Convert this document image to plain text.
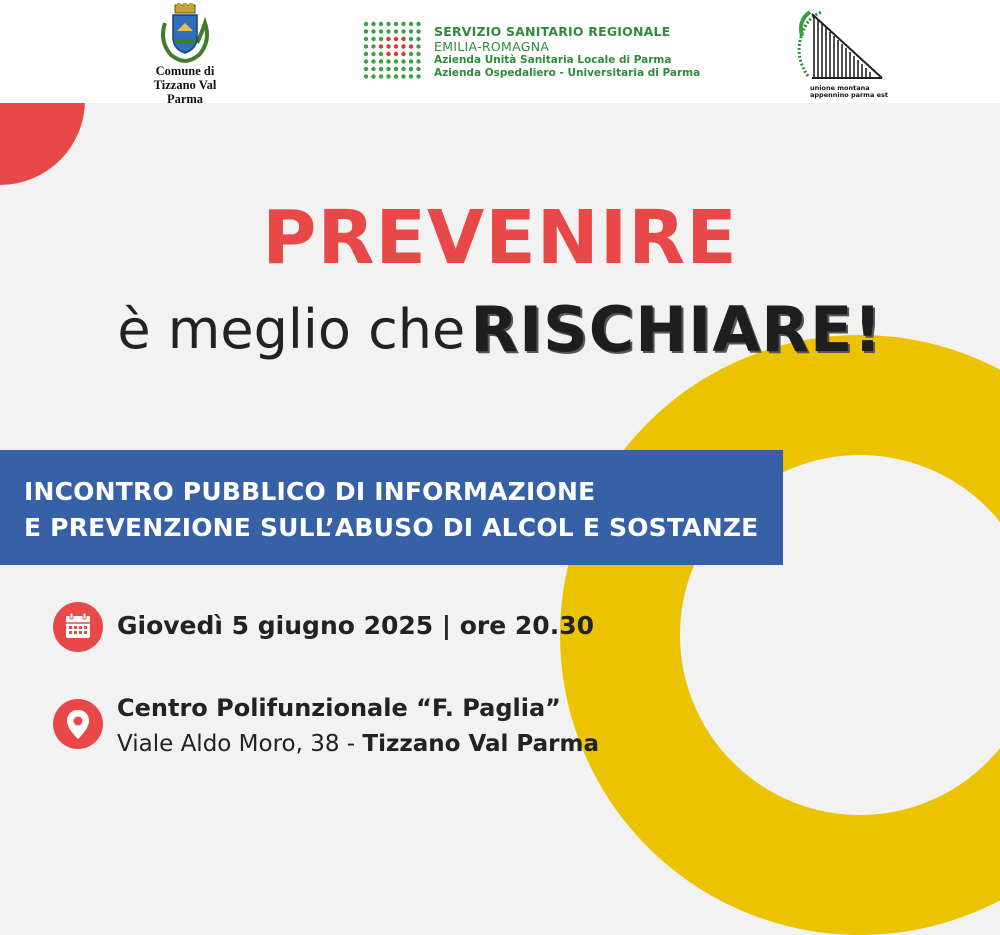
Comune di
Tizzano Val Parma
SERVIZIO SANITARIO REGIONALE
EMILIA-ROMAGNA
Azienda Unità Sanitaria Locale di Parma
Azienda Ospedaliero - Universitaria di Parma
unione montana
appennino parma est
PREVENIRE
è meglio che RISCHIARE!
INCONTRO PUBBLICO DI INFORMAZIONE
E PREVENZIONE SULL’ABUSO DI ALCOL E SOSTANZE
Giovedì 5 giugno 2025 | ore 20.30
Centro Polifunzionale “F. Paglia”
Viale Aldo Moro, 38 - Tizzano Val Parma
